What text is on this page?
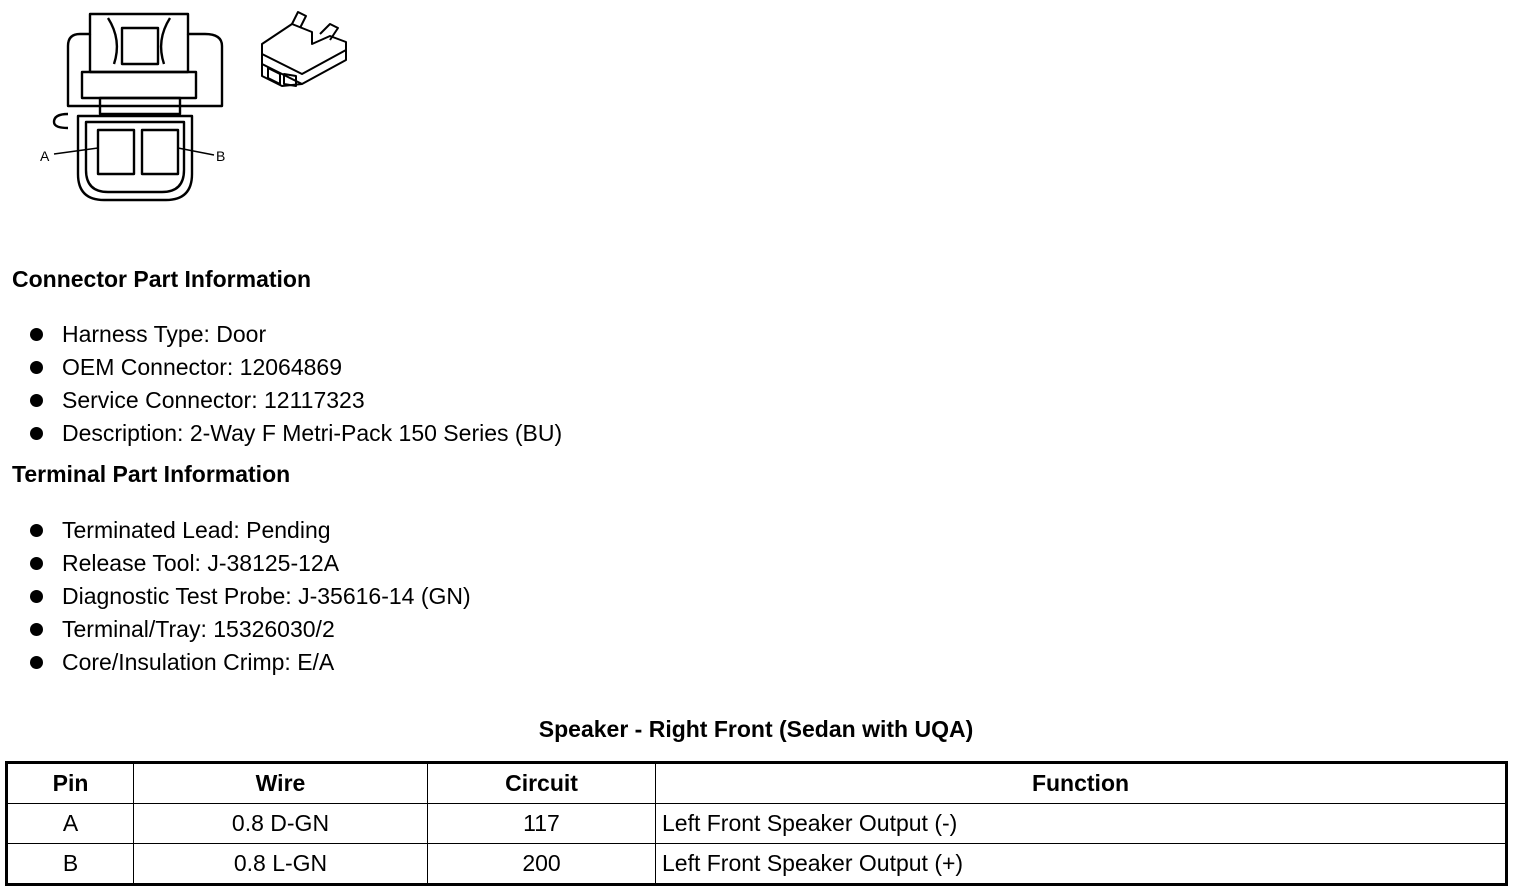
A	B
Connector Part Information
Harness Type: Door
OEM Connector: 12064869
Service Connector: 12117323
Description: 2-Way F Metri-Pack 150 Series (BU)
Terminal Part Information
Terminated Lead: Pending
Release Tool: J-38125-12A
Diagnostic Test Probe: J-35616-14 (GN)
Terminal/Tray: 15326030/2
Core/Insulation Crimp: E/A
Speaker - Right Front (Sedan with UQA)
Pin	Wire	Circuit	Function
A	0.8 D-GN	117	Left Front Speaker Output (-)
B	0.8 L-GN	200	Left Front Speaker Output (+)
